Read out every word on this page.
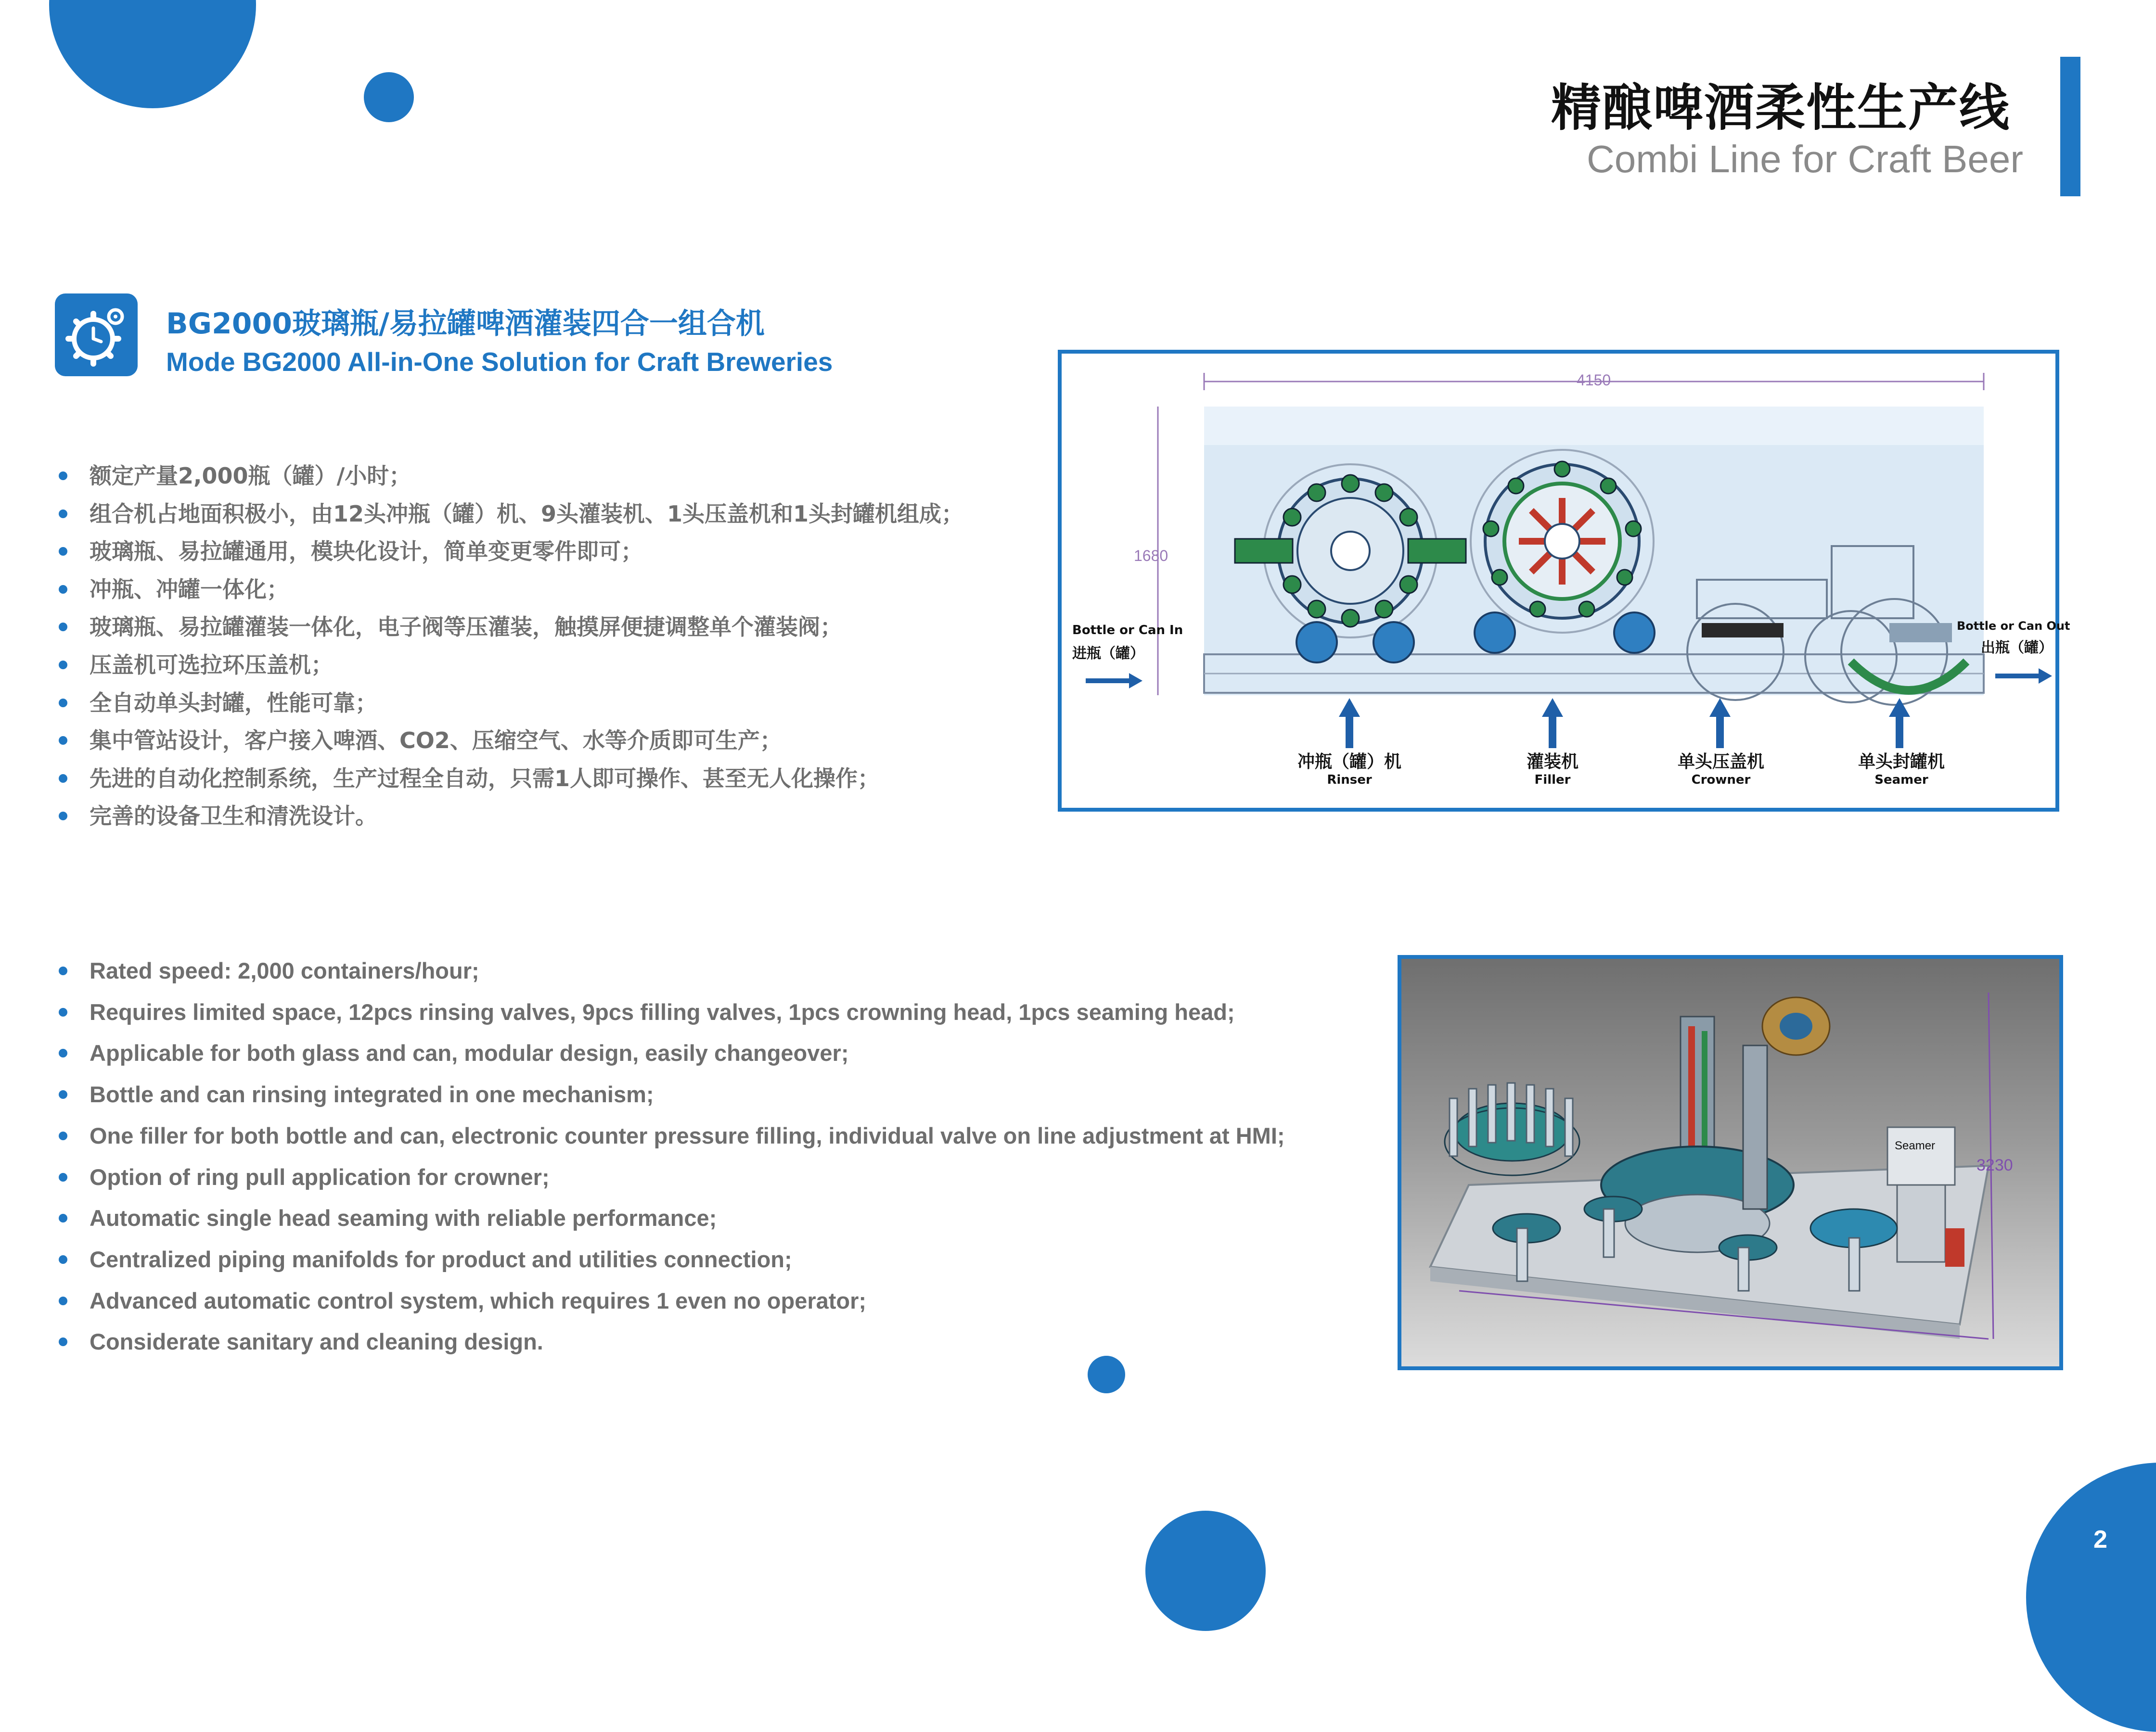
精酿啤酒柔性生产线
Combi Line for Craft Beer
BG2000玻璃瓶/易拉罐啤酒灌装四合一组合机
Mode BG2000 All-in-One Solution for Craft Breweries
额定产量2,000瓶（罐）/小时；
组合机占地面积极小，由12头冲瓶（罐）机、9头灌装机、1头压盖机和1头封罐机组成；
玻璃瓶、易拉罐通用，模块化设计，简单变更零件即可；
冲瓶、冲罐一体化；
玻璃瓶、易拉罐灌装一体化，电子阀等压灌装，触摸屏便捷调整单个灌装阀；
压盖机可选拉环压盖机；
全自动单头封罐，性能可靠；
集中管站设计，客户接入啤酒、CO2、压缩空气、水等介质即可生产；
先进的自动化控制系统，生产过程全自动，只需1人即可操作、甚至无人化操作；
完善的设备卫生和清洗设计。
Rated speed: 2,000 containers/hour;
Requires limited space, 12pcs rinsing valves, 9pcs filling valves, 1pcs crowning head, 1pcs seaming head;
Applicable for both glass and can, modular design, easily changeover;
Bottle and can rinsing integrated in one mechanism;
One filler for both bottle and can, electronic counter pressure filling, individual valve on line adjustment at HMI;
Option of ring pull application for crowner;
Automatic single head seaming with reliable performance;
Centralized piping manifolds for product and utilities connection;
Advanced automatic control system, which requires 1 even no operator;
Considerate sanitary and cleaning design.
4150
1680
Bottle or Can In
进瓶（罐）
Bottle or Can Out
出瓶（罐）
冲瓶（罐）机
Rinser
灌装机
Filler
单头压盖机
Crowner
单头封罐机
Seamer
3230
Seamer
2
